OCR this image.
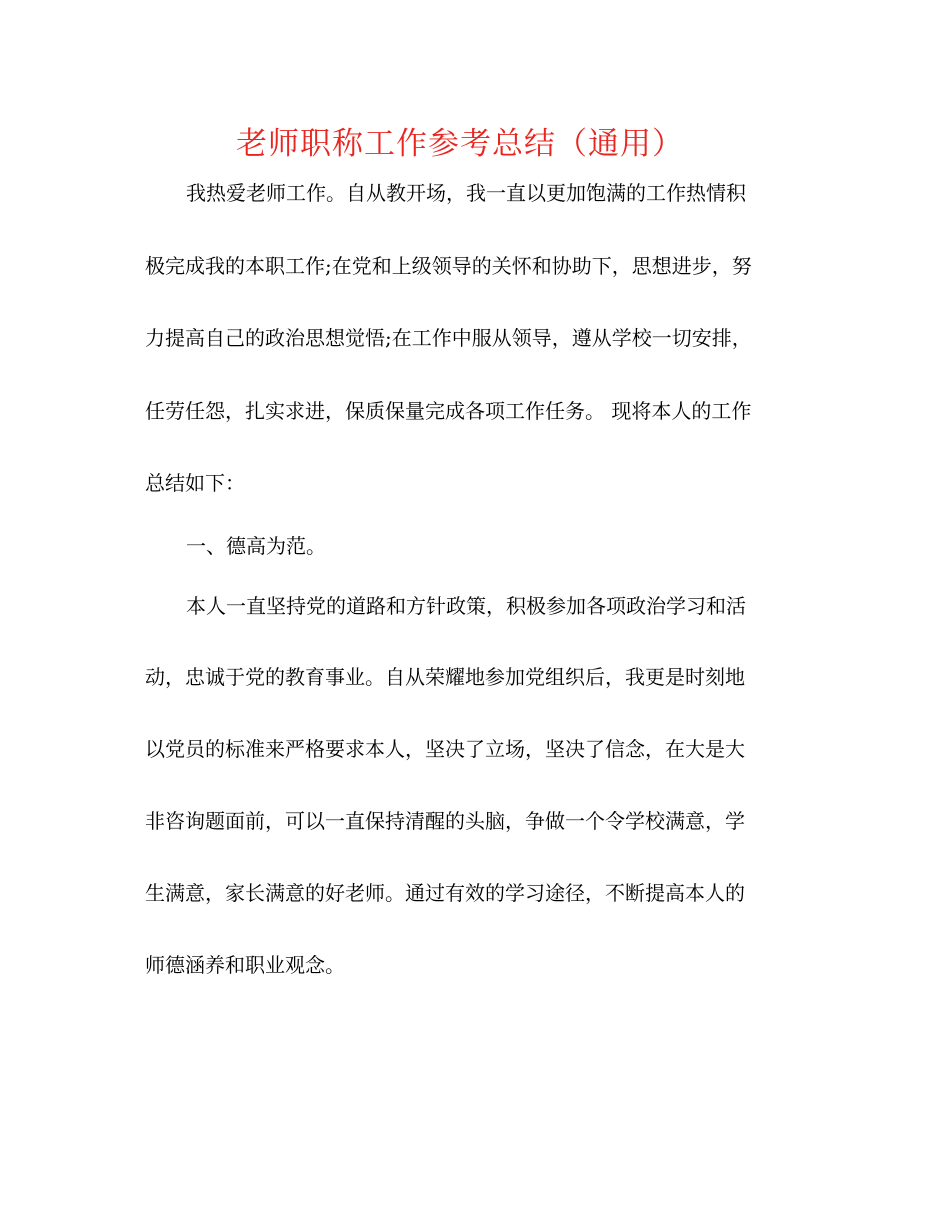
老师职称工作参考总结（通用）
我热爱老师工作。自从教开场，我一直以更加饱满的工作热情积
极完成我的本职工作;在党和上级领导的关怀和协助下，思想进步，努
力提高自己的政治思想觉悟;在工作中服从领导，遵从学校一切安排，
任劳任怨，扎实求进，保质保量完成各项工作任务。 现将本人的工作
总结如下：
一、德高为范。
本人一直坚持党的道路和方针政策，积极参加各项政治学习和活
动，忠诚于党的教育事业。自从荣耀地参加党组织后，我更是时刻地
以党员的标准来严格要求本人，坚决了立场，坚决了信念，在大是大
非咨询题面前，可以一直保持清醒的头脑，争做一个令学校满意，学
生满意，家长满意的好老师。通过有效的学习途径，不断提高本人的
师德涵养和职业观念。
